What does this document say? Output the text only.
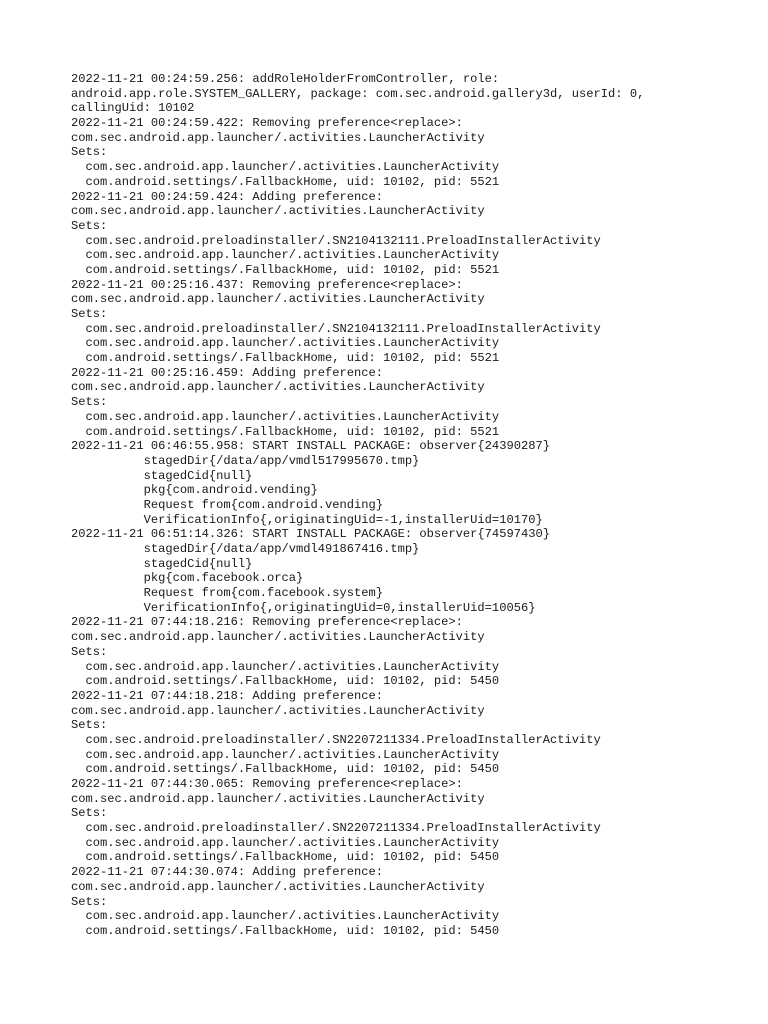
2022-11-21 00:24:59.256: addRoleHolderFromController, role:
android.app.role.SYSTEM_GALLERY, package: com.sec.android.gallery3d, userId: 0,
callingUid: 10102
2022-11-21 00:24:59.422: Removing preference<replace>:
com.sec.android.app.launcher/.activities.LauncherActivity
Sets:
com.sec.android.app.launcher/.activities.LauncherActivity
com.android.settings/.FallbackHome, uid: 10102, pid: 5521
2022-11-21 00:24:59.424: Adding preference:
com.sec.android.app.launcher/.activities.LauncherActivity
Sets:
com.sec.android.preloadinstaller/.SN2104132111.PreloadInstallerActivity
com.sec.android.app.launcher/.activities.LauncherActivity
com.android.settings/.FallbackHome, uid: 10102, pid: 5521
2022-11-21 00:25:16.437: Removing preference<replace>:
com.sec.android.app.launcher/.activities.LauncherActivity
Sets:
com.sec.android.preloadinstaller/.SN2104132111.PreloadInstallerActivity
com.sec.android.app.launcher/.activities.LauncherActivity
com.android.settings/.FallbackHome, uid: 10102, pid: 5521
2022-11-21 00:25:16.459: Adding preference:
com.sec.android.app.launcher/.activities.LauncherActivity
Sets:
com.sec.android.app.launcher/.activities.LauncherActivity
com.android.settings/.FallbackHome, uid: 10102, pid: 5521
2022-11-21 06:46:55.958: START INSTALL PACKAGE: observer{24390287}
stagedDir{/data/app/vmdl517995670.tmp}
stagedCid{null}
pkg{com.android.vending}
Request from{com.android.vending}
VerificationInfo{,originatingUid=-1,installerUid=10170}
2022-11-21 06:51:14.326: START INSTALL PACKAGE: observer{74597430}
stagedDir{/data/app/vmdl491867416.tmp}
stagedCid{null}
pkg{com.facebook.orca}
Request from{com.facebook.system}
VerificationInfo{,originatingUid=0,installerUid=10056}
2022-11-21 07:44:18.216: Removing preference<replace>:
com.sec.android.app.launcher/.activities.LauncherActivity
Sets:
com.sec.android.app.launcher/.activities.LauncherActivity
com.android.settings/.FallbackHome, uid: 10102, pid: 5450
2022-11-21 07:44:18.218: Adding preference:
com.sec.android.app.launcher/.activities.LauncherActivity
Sets:
com.sec.android.preloadinstaller/.SN2207211334.PreloadInstallerActivity
com.sec.android.app.launcher/.activities.LauncherActivity
com.android.settings/.FallbackHome, uid: 10102, pid: 5450
2022-11-21 07:44:30.065: Removing preference<replace>:
com.sec.android.app.launcher/.activities.LauncherActivity
Sets:
com.sec.android.preloadinstaller/.SN2207211334.PreloadInstallerActivity
com.sec.android.app.launcher/.activities.LauncherActivity
com.android.settings/.FallbackHome, uid: 10102, pid: 5450
2022-11-21 07:44:30.074: Adding preference:
com.sec.android.app.launcher/.activities.LauncherActivity
Sets:
com.sec.android.app.launcher/.activities.LauncherActivity
com.android.settings/.FallbackHome, uid: 10102, pid: 5450
